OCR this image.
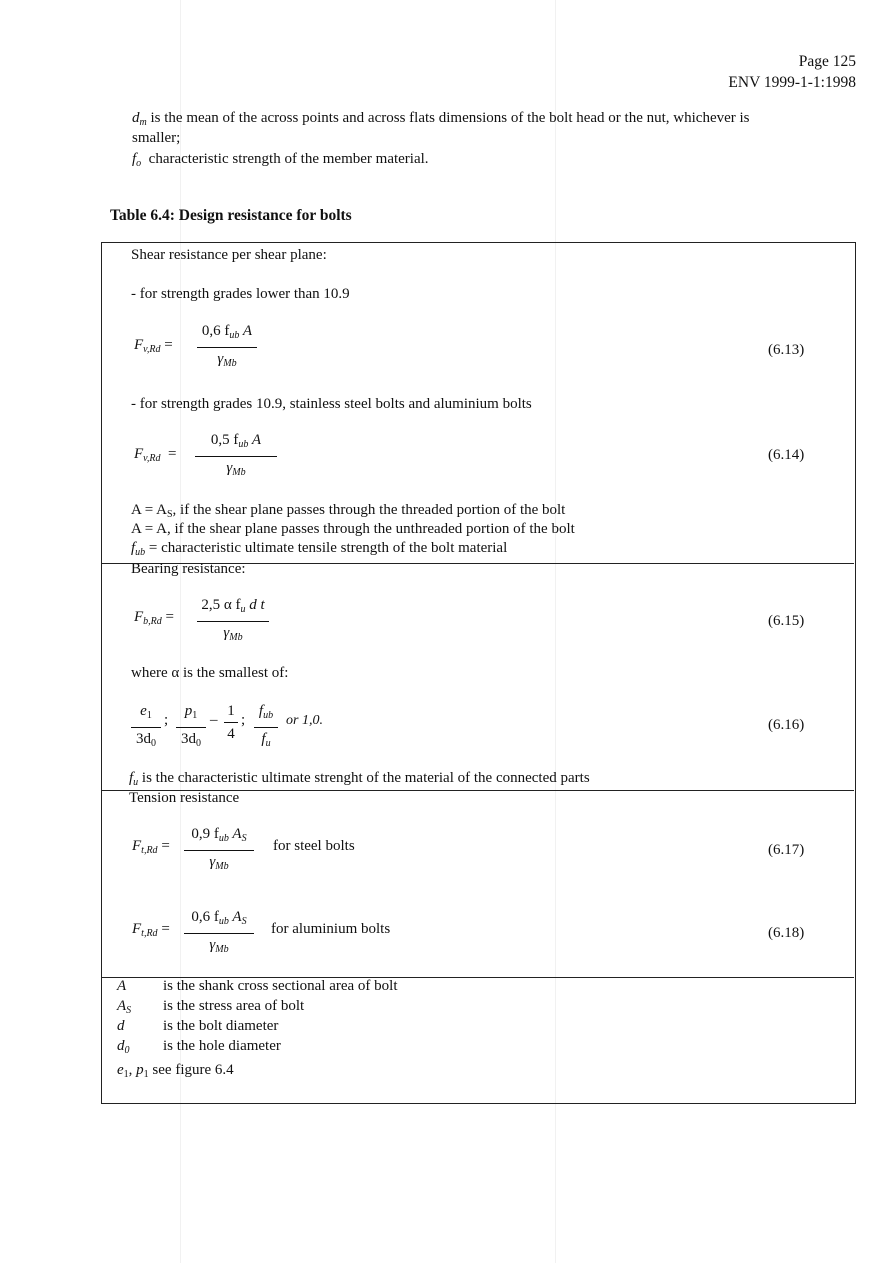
Page 125
ENV 1999-1-1:1998
$d_m$ is the mean of the across points and across flats dimensions of the bolt head or the nut, whichever is
smaller;
$f_o$ characteristic strength of the member material.
Table 6.4: Design resistance for bolts
Shear resistance per shear plane:
- for strength grades lower than 10.9
$F_{v,Rd}$ =
0,6 $f_{ub}$ A
$\gamma_{Mb}$
(6.13)
- for strength grades 10.9, stainless steel bolts and aluminium bolts
$F_{v,Rd}$  =
0,5 $f_{ub}$ A
$\gamma_{Mb}$
(6.14)
$A = A_S$, if the shear plane passes through the threaded portion of the bolt
A = A, if the shear plane passes through the unthreaded portion of the bolt
$f_{ub}$ = characteristic ultimate tensile strength of the bolt material
Bearing resistance:
$F_{b,Rd}$ =
2,5 α $f_u$ d t
$\gamma_{Mb}$
(6.15)
where α is the smallest of:
$e_1$
$3d_0$
;
$p_1$
$3d_0$
–
1
4
;
$f_{ub}$
$f_u$
or 1,0.	(6.16)
$f_u$ is the characteristic ultimate strenght of the material of the connected parts
Tension resistance
$F_{t,Rd}$ =
0,9 $f_{ub}$ $A_S$
$\gamma_{Mb}$
for steel bolts	(6.17)
$F_{t,Rd}$ =
0,6 $f_{ub}$ $A_S$
$\gamma_{Mb}$
for aluminium bolts	(6.18)
A is the shank cross sectional area of bolt
$A_S$ is the stress area of bolt
d	is the bolt diameter
$d_0$ is the hole diameter
$e_1$, $p_1$ see figure 6.4
